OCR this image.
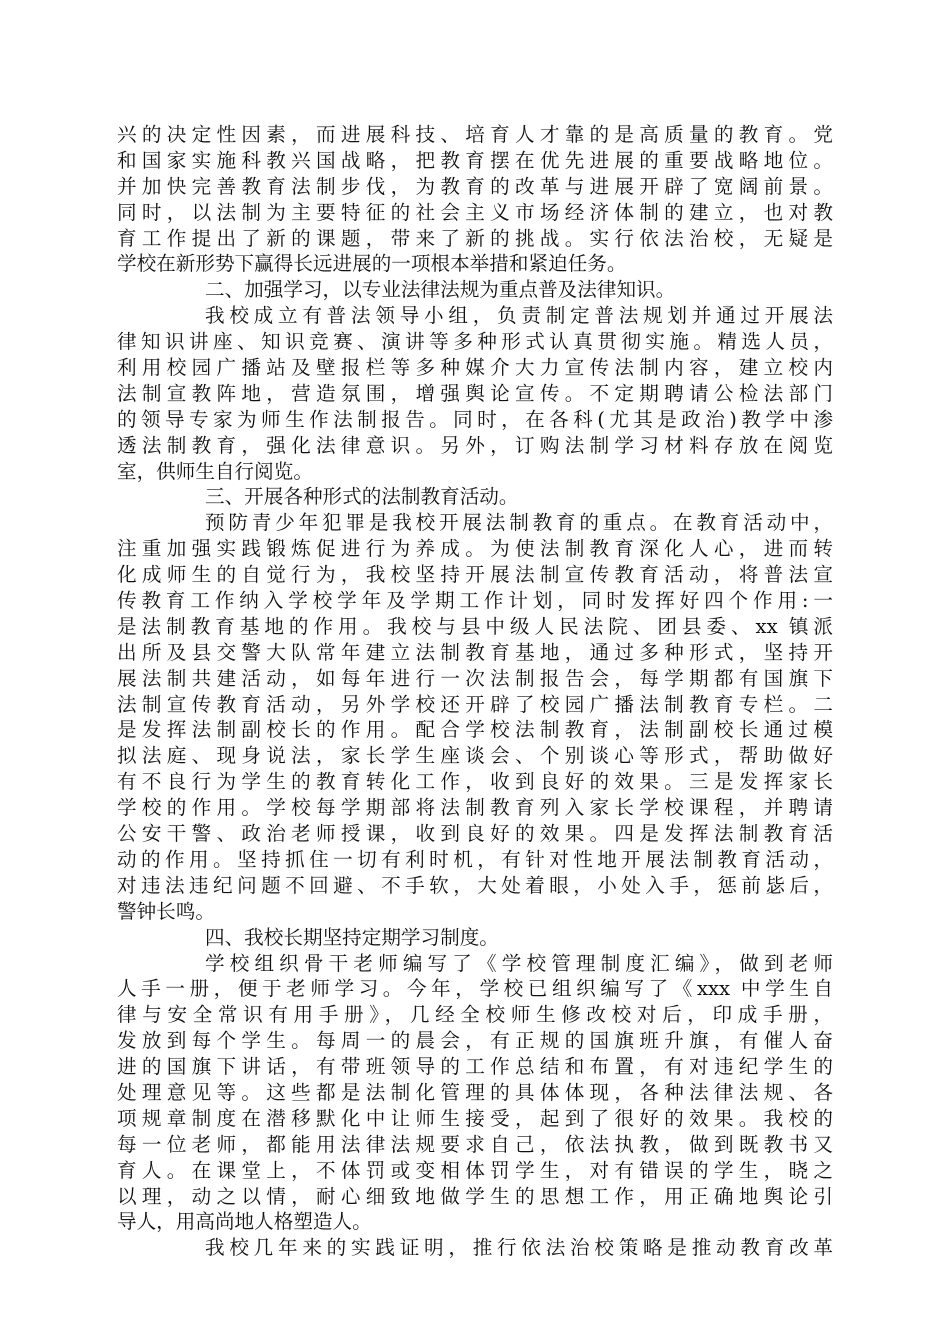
兴的决定性因素，而进展科技、培育人才靠的是高质量的教育。党
和国家实施科教兴国战略，把教育摆在优先进展的重要战略地位。
并加快完善教育法制步伐，为教育的改革与进展开辟了宽阔前景。
同时，以法制为主要特征的社会主义市场经济体制的建立，也对教
育工作提出了新的课题，带来了新的挑战。实行依法治校，无疑是
学校在新形势下赢得长远进展的一项根本举措和紧迫任务。
二、加强学习，以专业法律法规为重点普及法律知识。
我校成立有普法领导小组，负责制定普法规划并通过开展法
律知识讲座、知识竞赛、演讲等多种形式认真贯彻实施。精选人员，
利用校园广播站及壁报栏等多种媒介大力宣传法制内容，建立校内
法制宣教阵地，营造氛围，增强舆论宣传。不定期聘请公检法部门
的领导专家为师生作法制报告。同时，在各科(尤其是政治)教学中渗
透法制教育，强化法律意识。另外，订购法制学习材料存放在阅览
室，供师生自行阅览。
三、开展各种形式的法制教育活动。
预防青少年犯罪是我校开展法制教育的重点。在教育活动中，
注重加强实践锻炼促进行为养成。为使法制教育深化人心，进而转
化成师生的自觉行为，我校坚持开展法制宣传教育活动，将普法宣
传教育工作纳入学校学年及学期工作计划，同时发挥好四个作用:一
是法制教育基地的作用。我校与县中级人民法院、团县委、xx 镇派
出所及县交警大队常年建立法制教育基地，通过多种形式，坚持开
展法制共建活动，如每年进行一次法制报告会，每学期都有国旗下
法制宣传教育活动，另外学校还开辟了校园广播法制教育专栏。二
是发挥法制副校长的作用。配合学校法制教育，法制副校长通过模
拟法庭、现身说法，家长学生座谈会、个别谈心等形式，帮助做好
有不良行为学生的教育转化工作，收到良好的效果。三是发挥家长
学校的作用。学校每学期部将法制教育列入家长学校课程，并聘请
公安干警、政治老师授课，收到良好的效果。四是发挥法制教育活
动的作用。坚持抓住一切有利时机，有针对性地开展法制教育活动，
对违法违纪问题不回避、不手软，大处着眼，小处入手，惩前毖后，
警钟长鸣。
四、我校长期坚持定期学习制度。
学校组织骨干老师编写了《学校管理制度汇编》，做到老师
人手一册，便于老师学习。今年，学校已组织编写了《xxx 中学生自
律与安全常识有用手册》，几经全校师生修改校对后，印成手册，
发放到每个学生。每周一的晨会，有正规的国旗班升旗，有催人奋
进的国旗下讲话，有带班领导的工作总结和布置，有对违纪学生的
处理意见等。这些都是法制化管理的具体体现，各种法律法规、各
项规章制度在潜移默化中让师生接受，起到了很好的效果。我校的
每一位老师，都能用法律法规要求自己，依法执教，做到既教书又
育人。在课堂上，不体罚或变相体罚学生，对有错误的学生，晓之
以理，动之以情，耐心细致地做学生的思想工作，用正确地舆论引
导人，用高尚地人格塑造人。
我校几年来的实践证明，推行依法治校策略是推动教育改革
